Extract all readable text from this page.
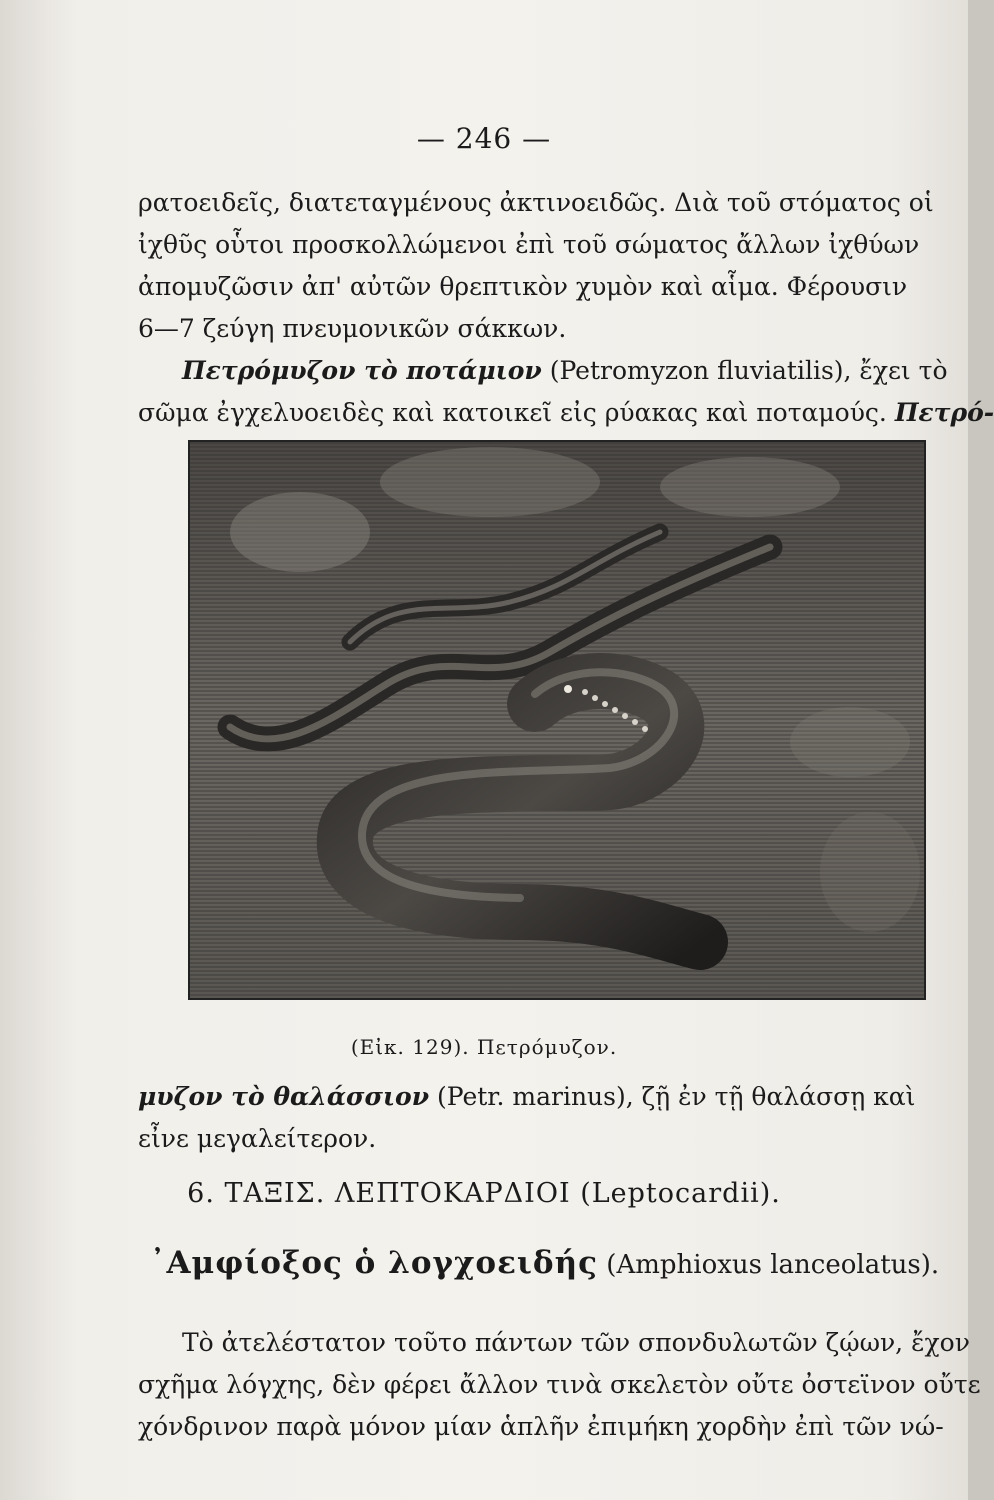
— 246 —
ρατοειδεῖς, διατεταγμένους ἀκτινοειδῶς. Διὰ τοῦ στόματος οἱ
ἰχθῦς οὗτοι προσκολλώμενοι ἐπὶ τοῦ σώματος ἄλλων ἰχθύων
ἀπομυζῶσιν ἀπ' αὐτῶν θρεπτικὸν χυμὸν καὶ αἷμα. Φέρουσιν
6—7 ζεύγη πνευμονικῶν σάκκων.
Πετρόμυζον τὸ ποτάμιον (Petromyzon fluviatilis), ἔχει τὸ
σῶμα ἐγχελυοειδὲς καὶ κατοικεῖ εἰς ρύακας καὶ ποταμούς. Πετρό-
(Εἰκ. 129). Πετρόμυζον.
μυζον τὸ θαλάσσιον (Petr. marinus), ζῇ ἐν τῇ θαλάσσῃ καὶ
εἶνε μεγαλείτερον.
6. ΤΑΞΙΣ. ΛΕΠΤΟΚΑΡΔΙΟΙ (Leptocardii).
᾿Αμφίοξος ὁ λογχοειδής (Amphioxus lanceolatus).
Τὸ ἀτελέστατον τοῦτο πάντων τῶν σπονδυλωτῶν ζῴων, ἔχον
σχῆμα λόγχης, δὲν φέρει ἄλλον τινὰ σκελετὸν οὔτε ὀστεϊνον οὔτε
χόνδρινον παρὰ μόνον μίαν ἁπλῆν ἐπιμήκη χορδὴν ἐπὶ τῶν νώ-
